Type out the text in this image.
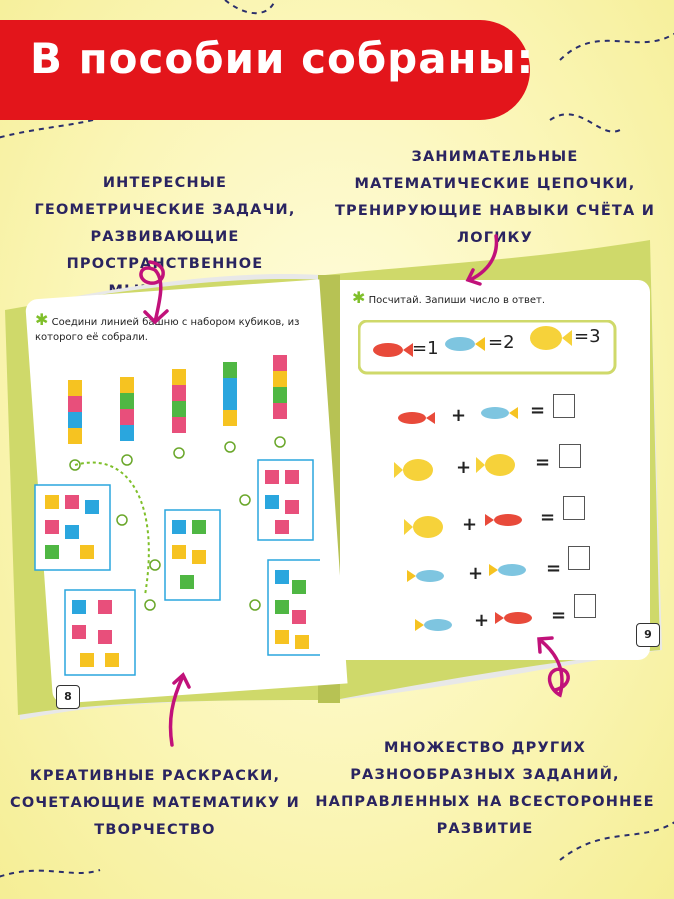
В пособии собраны:
ИНТЕРЕСНЫЕ ГЕОМЕТРИЧЕСКИЕ ЗАДАЧИ, РАЗВИВАЮЩИЕ ПРОСТРАНСТВЕННОЕ
ЗАНИМАТЕЛЬНЫЕ МАТЕМАТИЧЕСКИЕ ЦЕПОЧКИ, ТРЕНИРУЮЩИЕ НАВЫКИ СЧЁТА И ЛОГИКУ
КРЕАТИВНЫЕ РАСКРАСКИ, СОЧЕТАЮЩИЕ МАТЕМАТИКУ И ТВОРЧЕСТВО
МНОЖЕСТВО ДРУГИХ РАЗНООБРАЗНЫХ ЗАДАНИЙ, НАПРАВЛЕННЫХ НА ВСЕСТОРОННЕЕ РАЗВИТИЕ
✱ Соедини линией башню с набором кубиков, из которого её собрали.
8
✱ Посчитай. Запиши число в ответ.
=1	=2	=3
+	=
+	=
+	=
+	=
+	=
9
